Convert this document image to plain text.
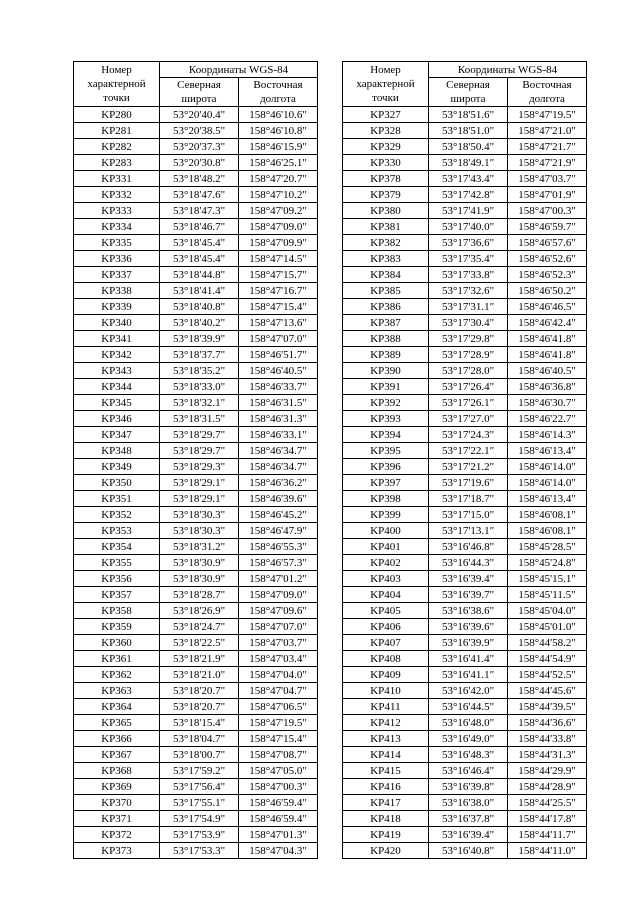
Номер характерной точки	Координаты WGS-84	
	Северная широта	Восточная долгота
KP280	53°20'40.4"	158°46'10.6"
KP281	53°20'38.5"	158°46'10.8"
KP282	53°20'37.3"	158°46'15.9"
KP283	53°20'30.8"	158°46'25.1"
KP331	53°18'48.2"	158°47'20.7"
KP332	53°18'47.6"	158°47'10.2"
KP333	53°18'47.3"	158°47'09.2"
KP334	53°18'46.7"	158°47'09.0"
KP335	53°18'45.4"	158°47'09.9"
KP336	53°18'45.4"	158°47'14.5"
KP337	53°18'44.8"	158°47'15.7"
KP338	53°18'41.4"	158°47'16.7"
KP339	53°18'40.8"	158°47'15.4"
KP340	53°18'40.2"	158°47'13.6"
KP341	53°18'39.9"	158°47'07.0"
KP342	53°18'37.7"	158°46'51.7"
KP343	53°18'35.2"	158°46'40.5"
KP344	53°18'33.0"	158°46'33.7"
KP345	53°18'32.1"	158°46'31.5"
KP346	53°18'31.5"	158°46'31.3"
KP347	53°18'29.7"	158°46'33.1"
KP348	53°18'29.7"	158°46'34.7"
KP349	53°18'29.3"	158°46'34.7"
KP350	53°18'29.1"	158°46'36.2"
KP351	53°18'29.1"	158°46'39.6"
KP352	53°18'30.3"	158°46'45.2"
KP353	53°18'30.3"	158°46'47.9"
KP354	53°18'31.2"	158°46'55.3"
KP355	53°18'30.9"	158°46'57.3"
KP356	53°18'30.9"	158°47'01.2"
KP357	53°18'28.7"	158°47'09.0"
KP358	53°18'26.9"	158°47'09.6"
KP359	53°18'24.7"	158°47'07.0"
KP360	53°18'22.5"	158°47'03.7"
KP361	53°18'21.9"	158°47'03.4"
KP362	53°18'21.0"	158°47'04.0"
KP363	53°18'20.7"	158°47'04.7"
KP364	53°18'20.7"	158°47'06.5"
KP365	53°18'15.4"	158°47'19.5"
KP366	53°18'04.7"	158°47'15.4"
KP367	53°18'00.7"	158°47'08.7"
KP368	53°17'59.2"	158°47'05.0"
KP369	53°17'56.4"	158°47'00.3"
KP370	53°17'55.1"	158°46'59.4"
KP371	53°17'54.9"	158°46'59.4"
KP372	53°17'53.9"	158°47'01.3"
KP373	53°17'53.3"	158°47'04.3"
Номер характерной точки	Координаты WGS-84	
	Северная широта	Восточная долгота
KP327	53°18'51.6"	158°47'19.5"
KP328	53°18'51.0"	158°47'21.0"
KP329	53°18'50.4"	158°47'21.7"
KP330	53°18'49.1"	158°47'21.9"
KP378	53°17'43.4"	158°47'03.7"
KP379	53°17'42.8"	158°47'01.9"
KP380	53°17'41.9"	158°47'00.3"
KP381	53°17'40.0"	158°46'59.7"
KP382	53°17'36.6"	158°46'57.6"
KP383	53°17'35.4"	158°46'52.6"
KP384	53°17'33.8"	158°46'52.3"
KP385	53°17'32.6"	158°46'50.2"
KP386	53°17'31.1"	158°46'46.5"
KP387	53°17'30.4"	158°46'42.4"
KP388	53°17'29.8"	158°46'41.8"
KP389	53°17'28.9"	158°46'41.8"
KP390	53°17'28.0"	158°46'40.5"
KP391	53°17'26.4"	158°46'36.8"
KP392	53°17'26.1"	158°46'30.7"
KP393	53°17'27.0"	158°46'22.7"
KP394	53°17'24.3"	158°46'14.3"
KP395	53°17'22.1"	158°46'13.4"
KP396	53°17'21.2"	158°46'14.0"
KP397	53°17'19.6"	158°46'14.0"
KP398	53°17'18.7"	158°46'13.4"
KP399	53°17'15.0"	158°46'08.1"
KP400	53°17'13.1"	158°46'08.1"
KP401	53°16'46.8"	158°45'28.5"
KP402	53°16'44.3"	158°45'24.8"
KP403	53°16'39.4"	158°45'15.1"
KP404	53°16'39.7"	158°45'11.5"
KP405	53°16'38.6"	158°45'04.0"
KP406	53°16'39.6"	158°45'01.0"
KP407	53°16'39.9"	158°44'58.2"
KP408	53°16'41.4"	158°44'54.9"
KP409	53°16'41.1"	158°44'52.5"
KP410	53°16'42.0"	158°44'45.6"
KP411	53°16'44.5"	158°44'39.5"
KP412	53°16'48.0"	158°44'36.6"
KP413	53°16'49.0"	158°44'33.8"
KP414	53°16'48.3"	158°44'31.3"
KP415	53°16'46.4"	158°44'29.9"
KP416	53°16'39.8"	158°44'28.9"
KP417	53°16'38.0"	158°44'25.5"
KP418	53°16'37.8"	158°44'17.8"
KP419	53°16'39.4"	158°44'11.7"
KP420	53°16'40.8"	158°44'11.0"
